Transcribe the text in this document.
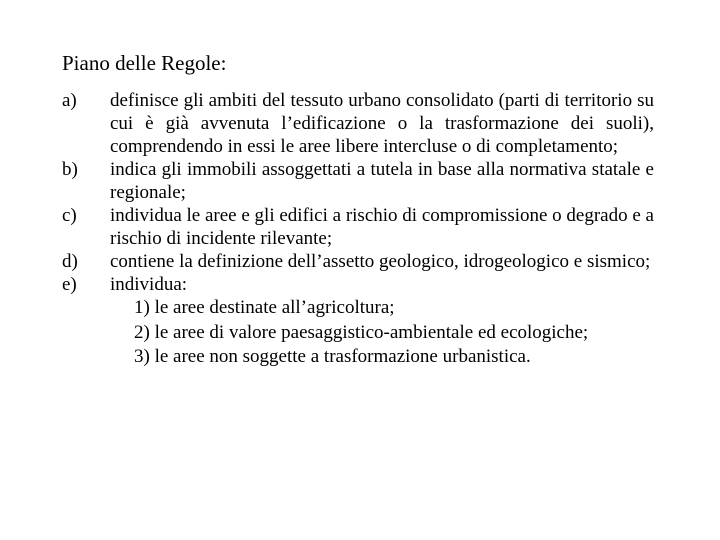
Piano delle Regole:
a)	definisce gli ambiti del tessuto urbano consolidato (parti di territorio su cui è già avvenuta l’edificazione o la trasformazione dei suoli), comprendendo in essi le aree libere intercluse o di completamento;
b)	indica gli immobili assoggettati a tutela in base alla normativa statale e regionale;
c)	individua le aree e gli edifici a rischio di compromissione o degrado e a rischio di incidente rilevante;
d)	contiene la definizione dell’assetto geologico, idrogeologico e sismico;
e)	individua:
1) le aree destinate all’agricoltura;
2) le aree di valore paesaggistico-ambientale ed ecologiche;
3) le aree non soggette a trasformazione urbanistica.
